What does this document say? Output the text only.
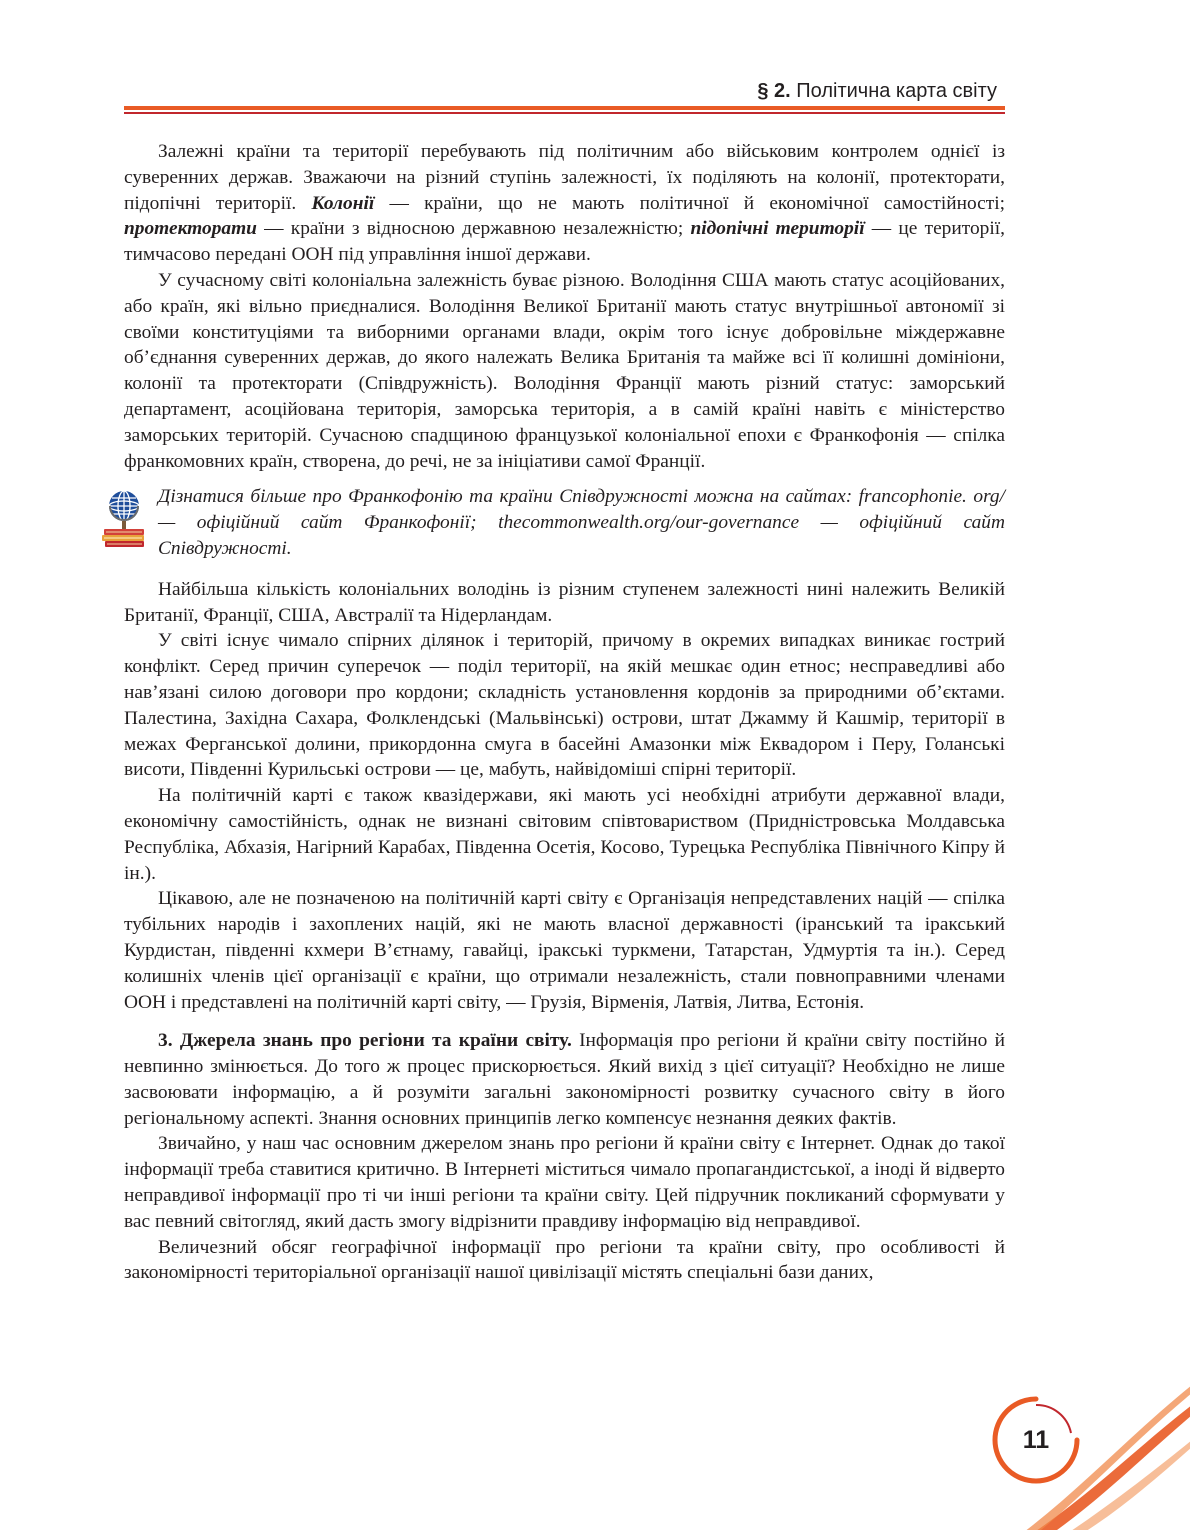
§ 2. Політична карта світу

Залежні країни та території перебувають під політичним або військовим контролем однієї із суверенних держав. Зважаючи на різний ступінь залежності, їх поділяють на колонії, протекторати, підопічні території. Колонії — країни, що не мають політичної й економічної самостійності; протекторати — країни з відносною державною незалежністю; підопічні території — це території, тимчасово передані ООН під управління іншої держави.

У сучасному світі колоніальна залежність буває різною. Володіння США мають статус асоційованих, або країн, які вільно приєдналися. Володіння Великої Британії мають статус внутрішньої автономії зі своїми конституціями та виборними органами влади, окрім того існує добровільне міждержавне об’єднання суверенних держав, до якого належать Велика Британія та майже всі її колишні домініони, колонії та протекторати (Співдружність). Володіння Франції мають різний статус: заморський департамент, асоційована територія, заморська територія, а в самій країні навіть є міністерство заморських територій. Сучасною спадщиною французької колоніальної епохи є Франкофонія — спілка франкомовних країн, створена, до речі, не за ініціативи самої Франції.

Дізнатися більше про Франкофонію та країни Співдружності можна на сайтах: francophonie. org/ — офіційний сайт Франкофонії; thecommonwealth.org/our-governance — офіційний сайт Співдружності.

Найбільша кількість колоніальних володінь із різним ступенем залежності нині належить Великій Британії, Франції, США, Австралії та Нідерландам.

У світі існує чимало спірних ділянок і територій, причому в окремих випадках виникає гострий конфлікт. Серед причин суперечок — поділ території, на якій мешкає один етнос; несправедливі або нав’язані силою договори про кордони; складність установлення кордонів за природними об’єктами. Палестина, Західна Сахара, Фолклендські (Мальвінські) острови, штат Джамму й Кашмір, території в межах Ферганської долини, прикордонна смуга в басейні Амазонки між Еквадором і Перу, Голанські висоти, Південні Курильські острови — це, мабуть, найвідоміші спірні території.

На політичній карті є також квазідержави, які мають усі необхідні атрибути державної влади, економічну самостійність, однак не визнані світовим співтовариством (Придністровська Молдавська Республіка, Абхазія, Нагірний Карабах, Південна Осетія, Косово, Турецька Республіка Північного Кіпру й ін.).

Цікавою, але не позначеною на політичній карті світу є Організація непредставлених націй — спілка тубільних народів і захоплених націй, які не мають власної державності (іранський та іракський Курдистан, південні кхмери В’єтнаму, гавайці, іракські туркмени, Татарстан, Удмуртія та ін.). Серед колишніх членів цієї організації є країни, що отримали незалежність, стали повноправними членами ООН і представлені на політичній карті світу, — Грузія, Вірменія, Латвія, Литва, Естонія.

3. Джерела знань про регіони та країни світу. Інформація про регіони й країни світу постійно й невпинно змінюється. До того ж процес прискорюється. Який вихід з цієї ситуації? Необхідно не лише засвоювати інформацію, а й розуміти загальні закономірності розвитку сучасного світу в його регіональному аспекті. Знання основних принципів легко компенсує незнання деяких фактів.

Звичайно, у наш час основним джерелом знань про регіони й країни світу є Інтернет. Однак до такої інформації треба ставитися критично. В Інтернеті міститься чимало пропагандистської, а іноді й відверто неправдивої інформації про ті чи інші регіони та країни світу. Цей підручник покликаний сформувати у вас певний світогляд, який дасть змогу відрізнити правдиву інформацію від неправдивої.

Величезний обсяг географічної інформації про регіони та країни світу, про особливості й закономірності територіальної організації нашої цивілізації містять спеціальні бази даних,

11
